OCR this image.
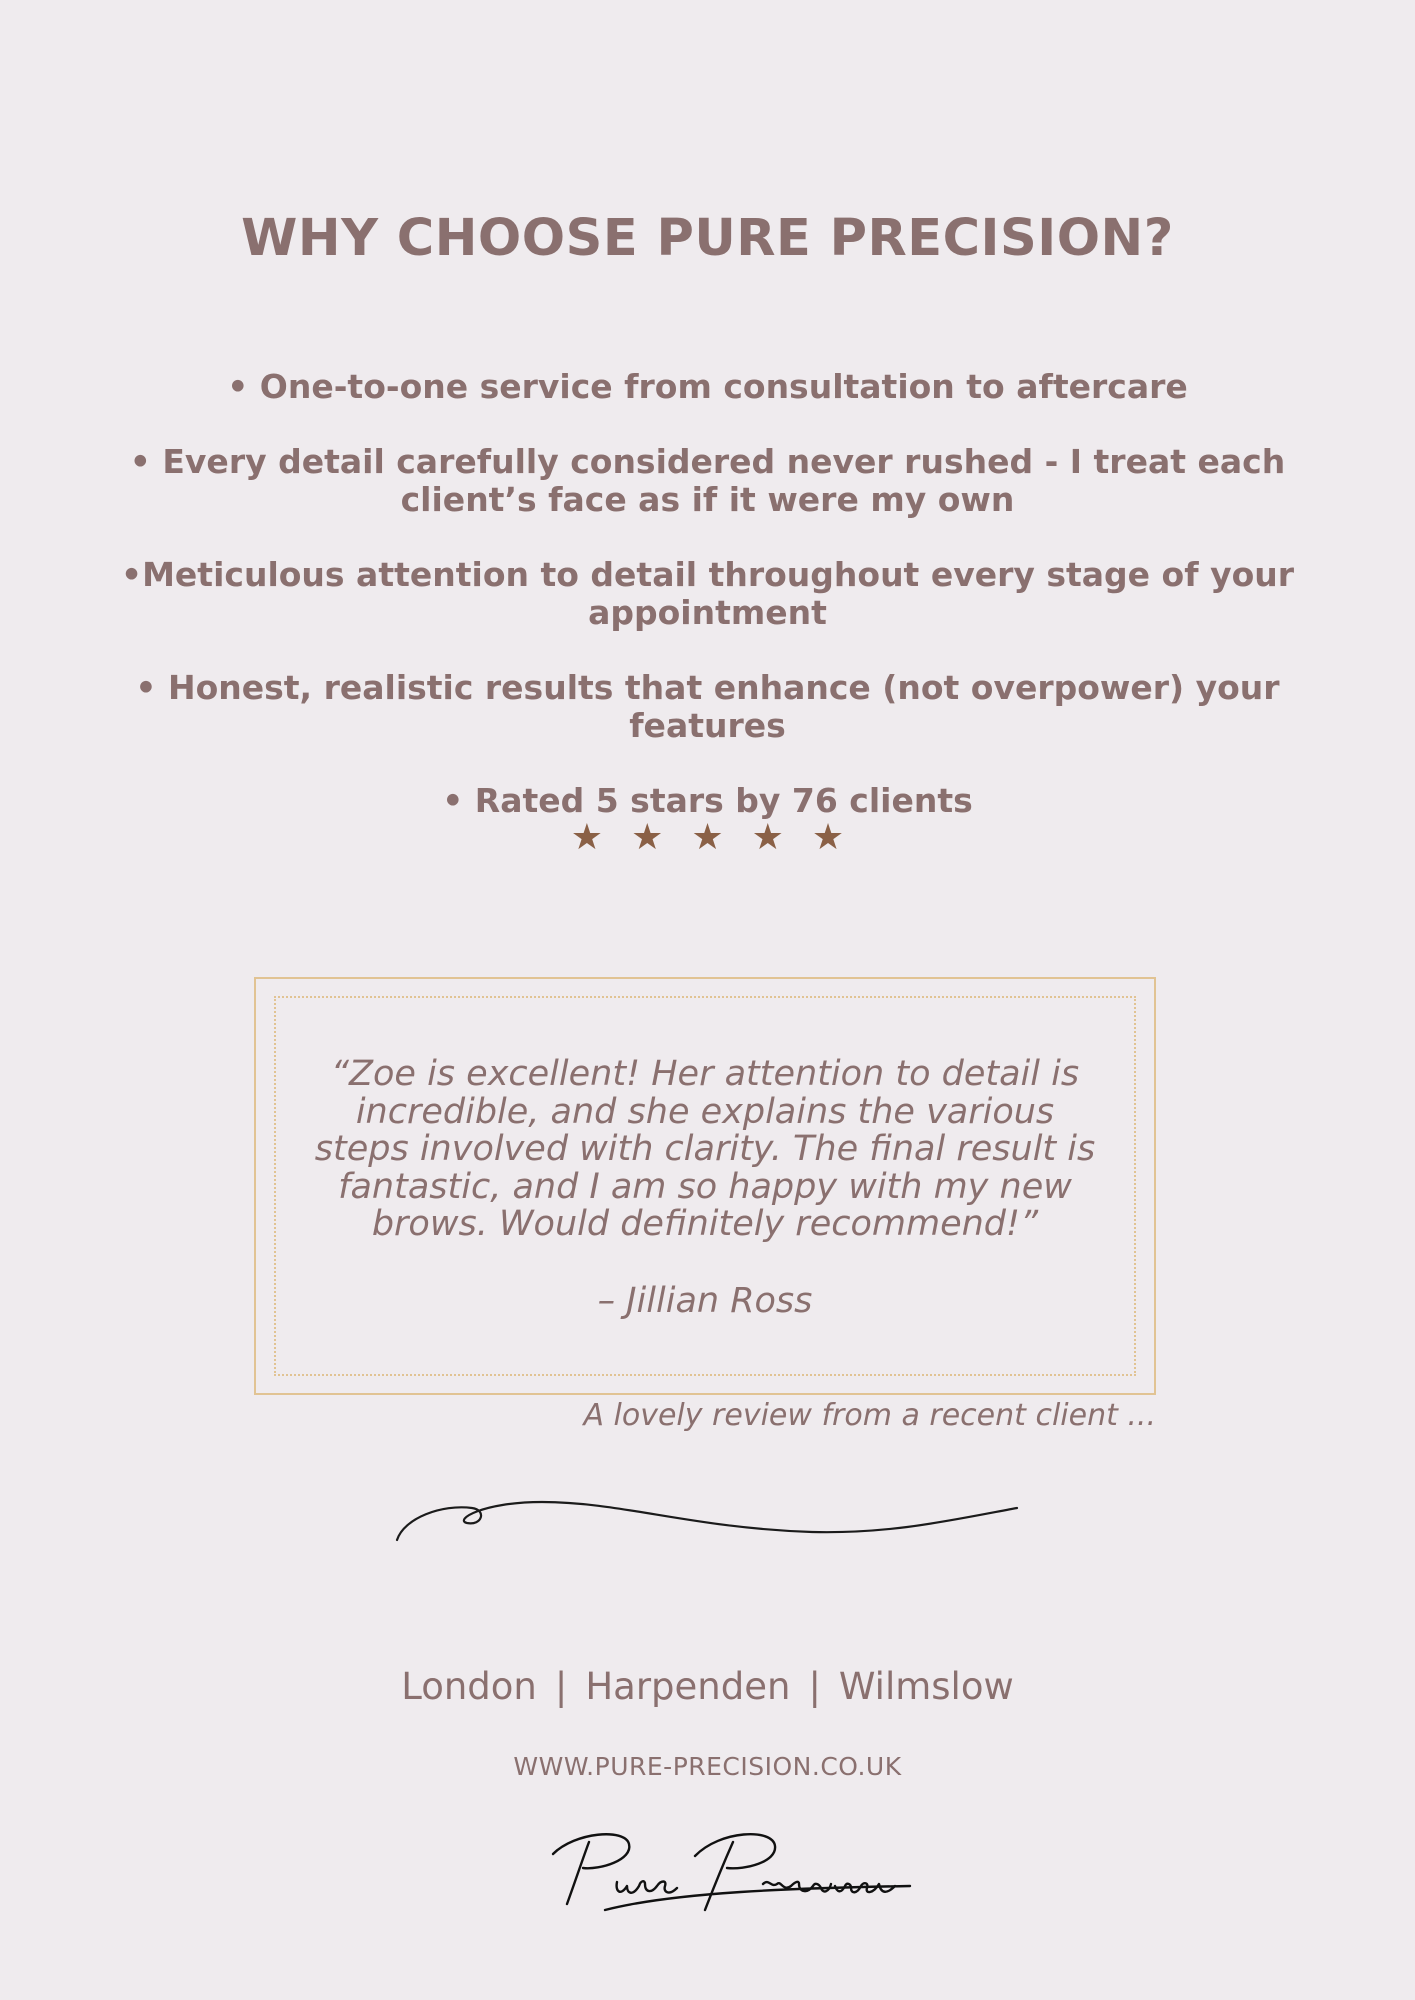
WHY CHOOSE PURE PRECISION?
• One-to-one service from consultation to aftercare
• Every detail carefully considered never rushed - I treat each client’s face as if it were my own
•Meticulous attention to detail throughout every stage of your appointment
• Honest, realistic results that enhance (not overpower) your features
• Rated 5 stars by 76 clients
★ ★ ★ ★ ★
“Zoe is excellent! Her attention to detail is incredible, and she explains the various steps involved with clarity. The final result is fantastic, and I am so happy with my new brows. Would definitely recommend!”
– Jillian Ross
A lovely review from a recent client ...
London | Harpenden | Wilmslow
WWW.PURE-PRECISION.CO.UK
